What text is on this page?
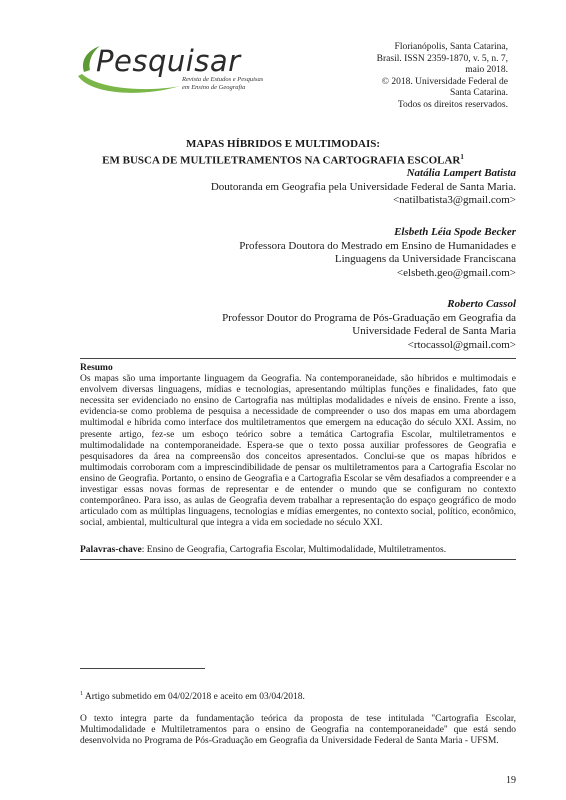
Pesquisar
Revista de Estudos e Pesquisas
em Ensino de Geografia
Florianópolis, Santa Catarina,
Brasil. ISSN 2359-1870, v. 5, n. 7,
maio 2018.
© 2018. Universidade Federal de
Santa Catarina.
Todos os direitos reservados.
MAPAS HÍBRIDOS E MULTIMODAIS:
EM BUSCA DE MULTILETRAMENTOS NA CARTOGRAFIA ESCOLAR$^1$
Natália Lampert Batista
Doutoranda em Geografia pela Universidade Federal de Santa Maria.
<natilbatista3@gmail.com>
Elsbeth Léia Spode Becker
Professora Doutora do Mestrado em Ensino de Humanidades e
Linguagens da Universidade Franciscana
<elsbeth.geo@gmail.com>
Roberto Cassol
Professor Doutor do Programa de Pós-Graduação em Geografia da
Universidade Federal de Santa Maria
<rtocassol@gmail.com>
Resumo
Os mapas são uma importante linguagem da Geografia. Na contemporaneidade, são híbridos e multimodais e envolvem diversas linguagens, mídias e tecnologias, apresentando múltiplas funções e finalidades, fato que necessita ser evidenciado no ensino de Cartografia nas múltiplas modalidades e níveis de ensino. Frente a isso, evidencia-se como problema de pesquisa a necessidade de compreender o uso dos mapas em uma abordagem multimodal e híbrida como interface dos multiletramentos que emergem na educação do século XXI. Assim, no presente artigo, fez-se um esboço teórico sobre a temática Cartografia Escolar, multiletramentos e multimodalidade na contemporaneidade. Espera-se que o texto possa auxiliar professores de Geografia e pesquisadores da área na compreensão dos conceitos apresentados. Conclui-se que os mapas híbridos e multimodais corroboram com a imprescindibilidade de pensar os multiletramentos para a Cartografia Escolar no ensino de Geografia. Portanto, o ensino de Geografia e a Cartografia Escolar se vêm desafiados a compreender e a investigar essas novas formas de representar e de entender o mundo que se configuram no contexto contemporâneo. Para isso, as aulas de Geografia devem trabalhar a representação do espaço geográfico de modo articulado com as múltiplas linguagens, tecnologias e mídias emergentes, no contexto social, político, econômico, social, ambiental, multicultural que integra a vida em sociedade no século XXI.
Palavras-chave: Ensino de Geografia, Cartografia Escolar, Multimodalidade, Multiletramentos.
$^1$ Artigo submetido em 04/02/2018 e aceito em 03/04/2018.
O texto integra parte da fundamentação teórica da proposta de tese intitulada "Cartografia Escolar, Multimodalidade e Multiletramentos para o ensino de Geografia na contemporaneidade" que está sendo desenvolvida no Programa de Pós-Graduação em Geografia da Universidade Federal de Santa Maria - UFSM.
19
